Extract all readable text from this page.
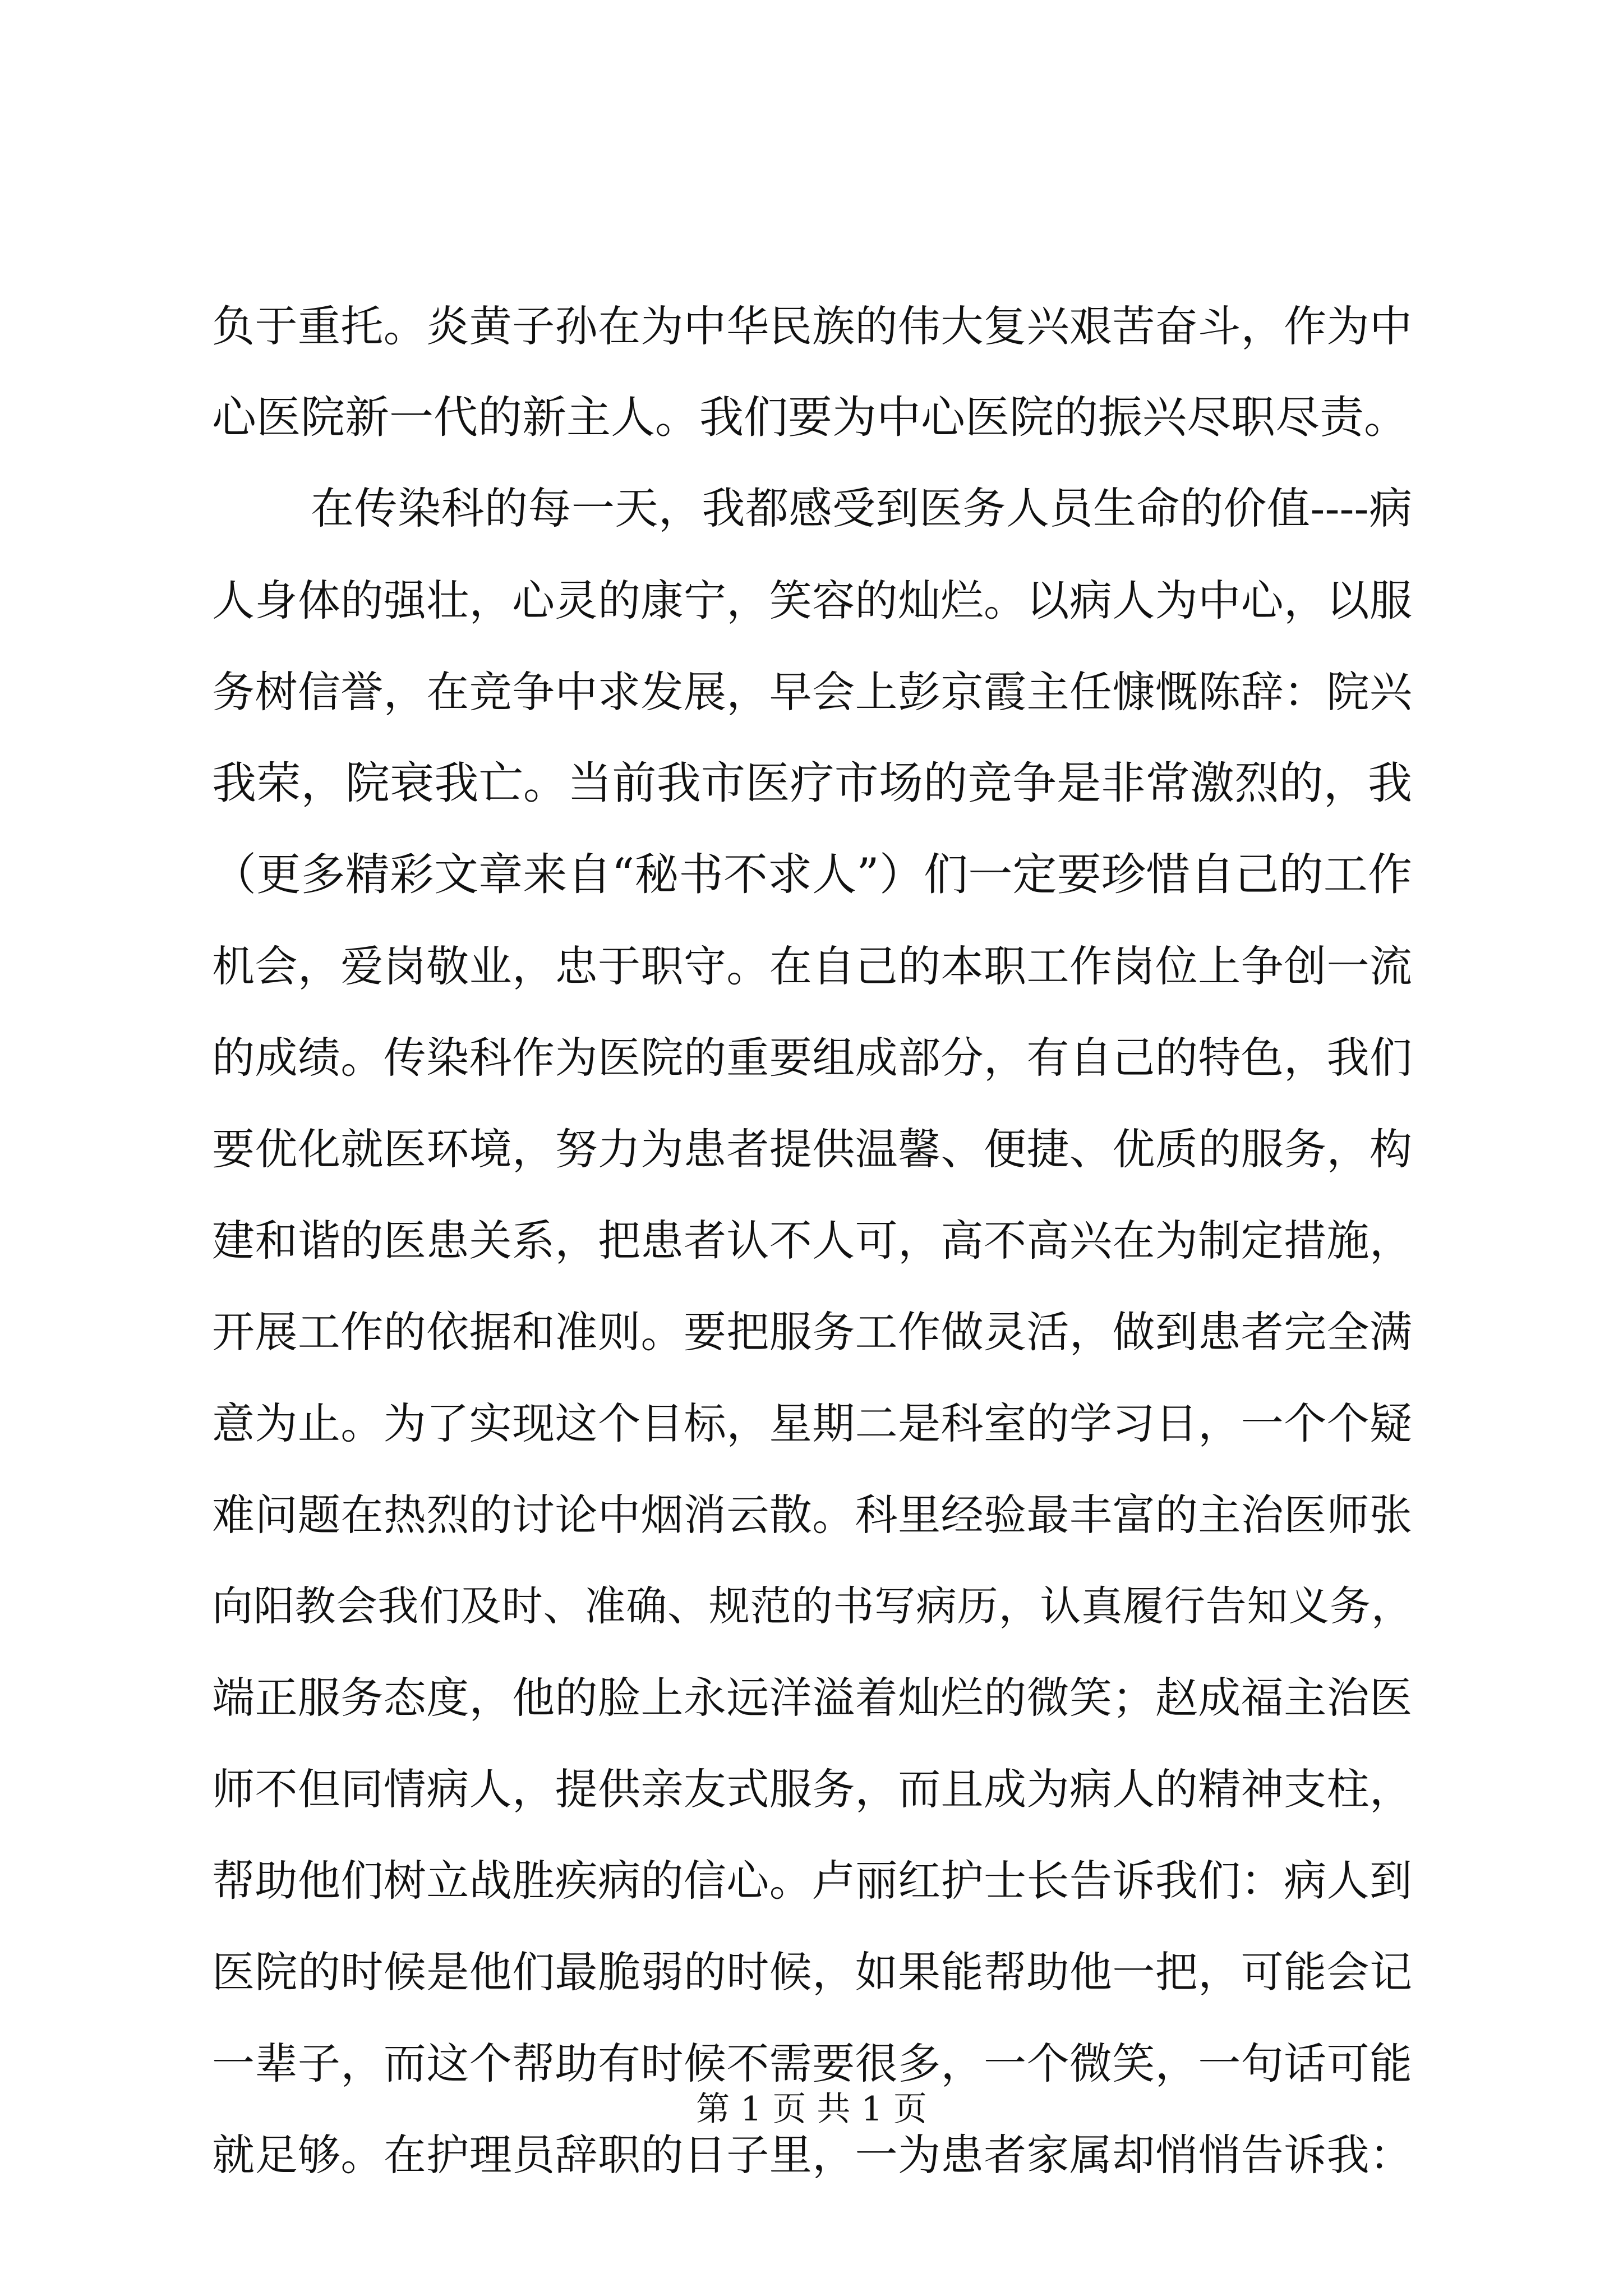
负于重托。炎黄子孙在为中华民族的伟大复兴艰苦奋斗，作为中
心医院新一代的新主人。我们要为中心医院的振兴尽职尽责。
在传染科的每一天，我都感受到医务人员生命的价值----病
人身体的强壮，心灵的康宁，笑容的灿烂。以病人为中心，以服
务树信誉，在竞争中求发展，早会上彭京霞主任慷慨陈辞：院兴
我荣，院衰我亡。当前我市医疗市场的竞争是非常激烈的，我
（更多精彩文章来自“秘书不求人”）们一定要珍惜自己的工作
机会，爱岗敬业，忠于职守。在自己的本职工作岗位上争创一流
的成绩。传染科作为医院的重要组成部分，有自己的特色，我们
要优化就医环境，努力为患者提供温馨、便捷、优质的服务，构
建和谐的医患关系，把患者认不人可，高不高兴在为制定措施，
开展工作的依据和准则。要把服务工作做灵活，做到患者完全满
意为止。为了实现这个目标，星期二是科室的学习日，一个个疑
难问题在热烈的讨论中烟消云散。科里经验最丰富的主治医师张
向阳教会我们及时、准确、规范的书写病历，认真履行告知义务，
端正服务态度，他的脸上永远洋溢着灿烂的微笑；赵成福主治医
师不但同情病人，提供亲友式服务，而且成为病人的精神支柱，
帮助他们树立战胜疾病的信心。卢丽红护士长告诉我们：病人到
医院的时候是他们最脆弱的时候，如果能帮助他一把，可能会记
一辈子，而这个帮助有时候不需要很多，一个微笑，一句话可能
就足够。在护理员辞职的日子里，一为患者家属却悄悄告诉我：
第 1 页 共 1 页
